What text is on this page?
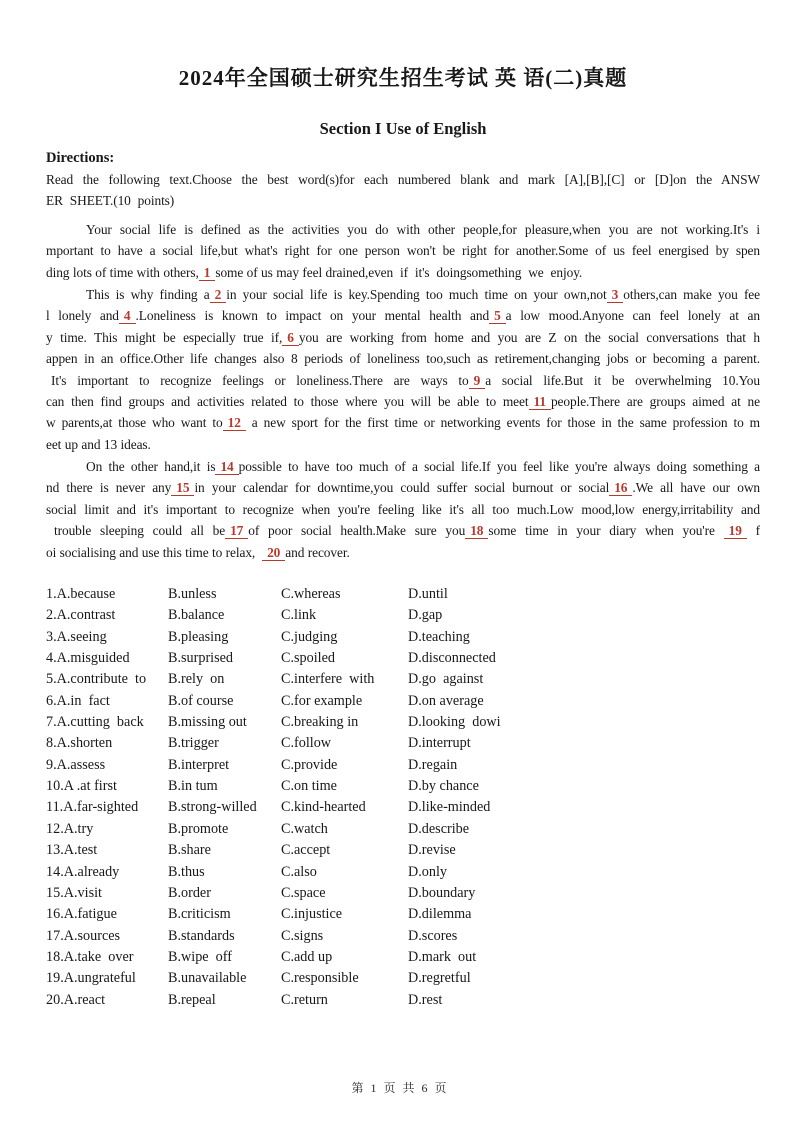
2024年全国硕士研究生招生考试 英 语(二)真题
Section I Use of English
Directions:
Read the following text.Choose the best word(s)for each numbered blank and mark [A],[B],[C] or [D]on the ANSW
ER  SHEET.(10  points)
Your social life is defined as the activities you do with other people,for pleasure,when you are not working.It's i
mportant to have a social life,but what's right for one person won't be right for another.Some of us feel energised by spen
ding lots of time with others, 1 some of us may feel drained,even  if  it's  doingsomething  we  enjoy.
This is why finding a 2 in your social life is key.Spending too much time on your own,not 3 others,can make you fee
l lonely and 4 .Loneliness is known to impact on your mental health and 5 a low mood.Anyone can feel lonely at an
y time. This might be especially true if, 6 you are working from home and you are Z on the social conversations that h
appen in an office.Other life changes also 8 periods of loneliness too,such as retirement,changing jobs or becoming a parent.
It's important to recognize feelings or loneliness.There are ways to 9 a social life.But it be overwhelming 10.You
can then find groups and activities related to those where you will be able to meet 11 people.There are groups aimed at ne
w parents,at those who want to 12 a new sport for the first time or networking events for those in the same profession to m
eet up and 13 ideas.
On the other hand,it is 14 possible to have too much of a social life.If you feel like you're always doing something a
nd there is never any 15 in your calendar for downtime,you could suffer social burnout or social 16 .We all have our own
social limit and it's important to recognize when you're feeling like it's all too much.Low mood,low energy,irritability and
trouble sleeping could all be 17 of poor social health.Make sure you 18 some time in your diary when you're 19 f
oi socialising and use this time to relax,  20 and recover.
1.A.because	B.unless	C.whereas	D.until
2.A.contrast	B.balance	C.link	D.gap
3.A.seeing	B.pleasing	C.judging	D.teaching
4.A.misguided	B.surprised	C.spoiled	D.disconnected
5.A.contribute  to	B.rely  on	C.interfere  with	D.go  against
6.A.in  fact	B.of course	C.for example	D.on average
7.A.cutting  back	B.missing out	C.breaking in	D.looking  dowi
8.A.shorten	B.trigger	C.follow	D.interrupt
9.A.assess	B.interpret	C.provide	D.regain
10.A .at first	B.in tum	C.on time	D.by chance
11.A.far-sighted	B.strong-willed	C.kind-hearted	D.like-minded
12.A.try	B.promote	C.watch	D.describe
13.A.test	B.share	C.accept	D.revise
14.A.already	B.thus	C.also	D.only
15.A.visit	B.order	C.space	D.boundary
16.A.fatigue	B.criticism	C.injustice	D.dilemma
17.A.sources	B.standards	C.signs	D.scores
18.A.take  over	B.wipe  off	C.add up	D.mark  out
19.A.ungrateful	B.unavailable	C.responsible	D.regretful
20.A.react	B.repeal	C.return	D.rest
第 1 页 共 6 页
